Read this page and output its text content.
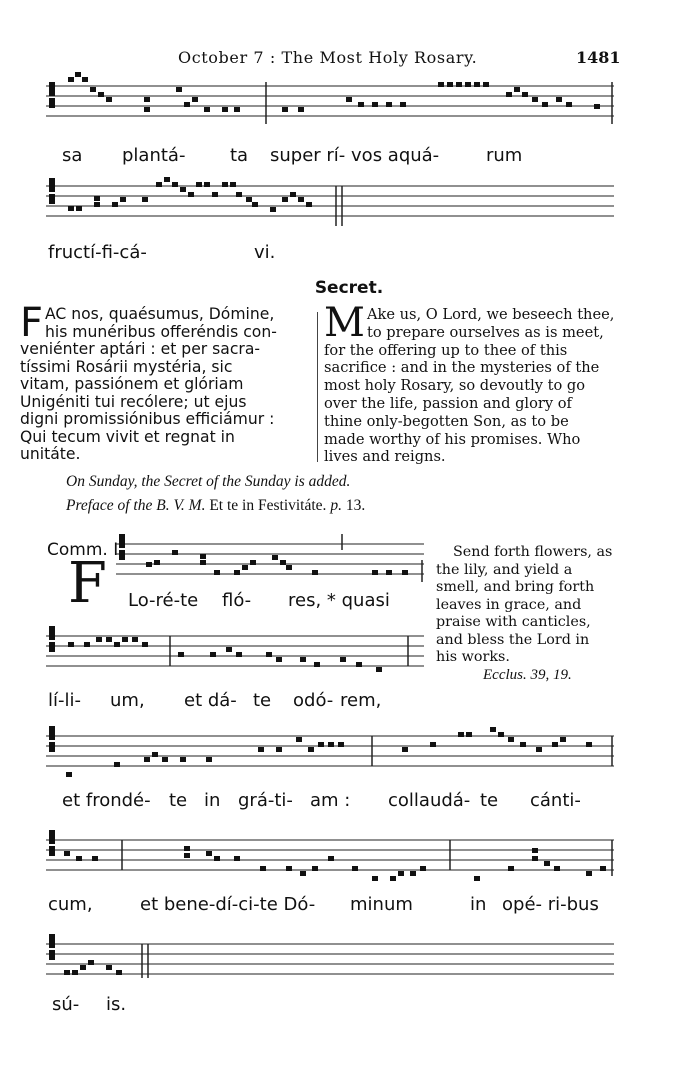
October 7 : The Most Holy Rosary.	1481
sa plantá- ta super rí- vos aquá-	rum
fructí-fi-cá-	vi.
Secret.
F AC nos, quaésumus, Dómine,
his munéribus offeréndis con-
veniénter aptári : et per sacra-
tíssimi Rosárii mystéria, sic
vitam, passiónem et glóriam
Unigéniti tui recólere; ut ejus
digni promissiónibus efficiámur :
Qui tecum vivit et regnat in
unitáte.
M Ake us, O Lord, we beseech thee,
to prepare ourselves as is meet,
for the offering up to thee of this
sacrifice : and in the mysteries of the
most holy Rosary, so devoutly to go
over the life, passion and glory of
thine only-begotten Son, as to be
made worthy of his promises. Who
lives and reigns.
On Sunday, the Secret of the Sunday is added.
Preface of the B. V. M. Et te in Festivitáte. p. 13.
Comm. I
F Lo-ré-te fló- res, * quasi
lí-li- um, et dá- te odó- rem,
Send forth flowers, as
the lily, and yield a
smell, and bring forth
leaves in grace, and
praise with canticles,
and bless the Lord in
his works.
Ecclus. 39, 19.
et frondé- te in grá-ti- am : collaudá- te cánti-
cum,	et bene-dí-ci-te Dó- minum	in opé- ri-bus
sú- is.
